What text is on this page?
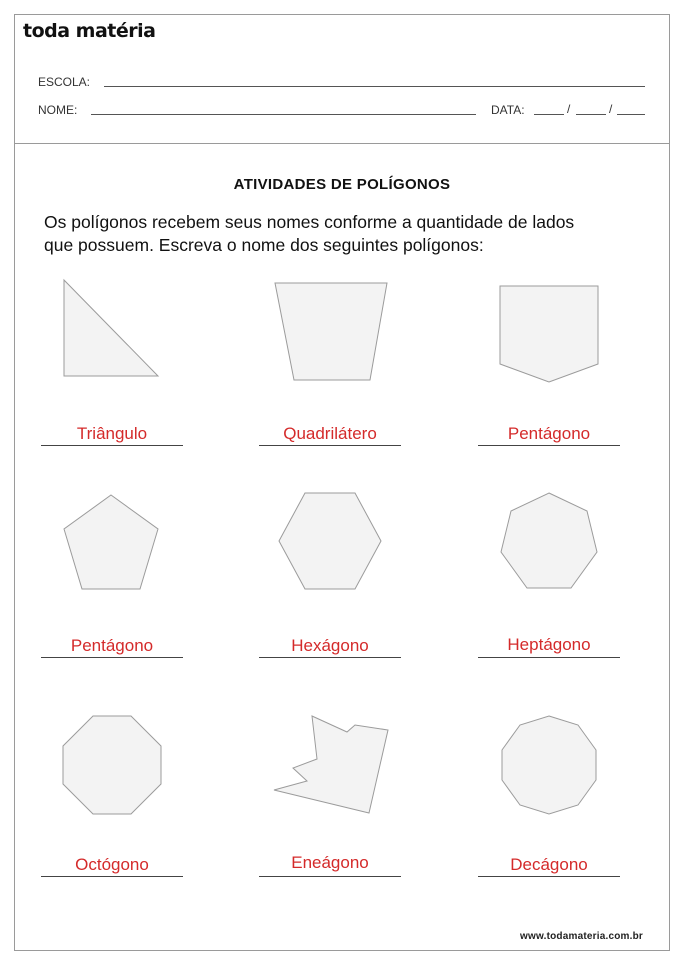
toda matéria
ESCOLA:
NOME:	DATA:	/	/
ATIVIDADES DE POLÍGONOS
Os polígonos recebem seus nomes conforme a quantidade de lados
que possuem. Escreva o nome dos seguintes polígonos:
Triângulo	Quadrilátero	Pentágono
Pentágono	Hexágono	Heptágono
Octógono	Eneágono	Decágono
www.todamateria.com.br
